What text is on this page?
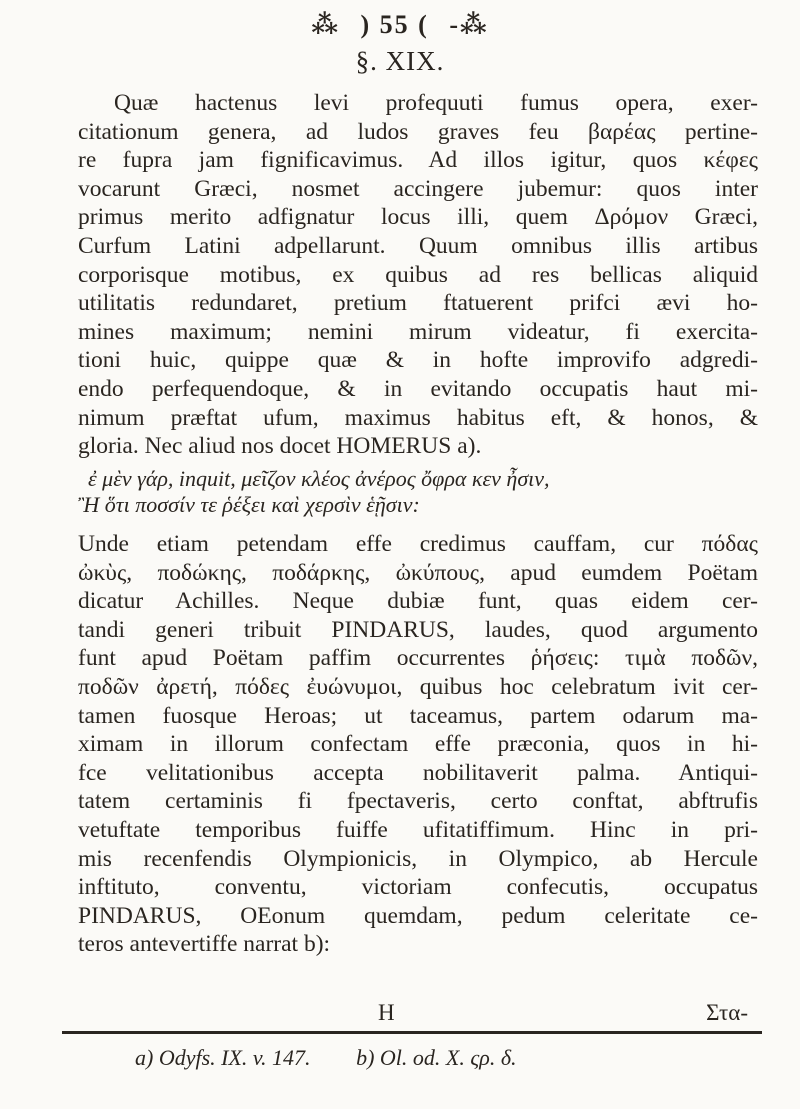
⁂ ) 55 ( -⁂
§. XIX.
Quæ hactenus levi profequuti fumus opera, exer-
citationum genera, ad ludos graves feu βαρέας pertine-
re fupra jam fignificavimus. Ad illos igitur, quos κέφες
vocarunt Græci, nosmet accingere jubemur: quos inter
primus merito adfignatur locus illi, quem Δρόμον Græci,
Curfum Latini adpellarunt. Quum omnibus illis artibus
corporisque motibus, ex quibus ad res bellicas aliquid
utilitatis redundaret, pretium ftatuerent prifci ævi ho-
mines maximum; nemini mirum videatur, fi exercita-
tioni huic, quippe quæ & in hofte improvifo adgredi-
endo perfequendoque, & in evitando occupatis haut mi-
nimum præftat ufum, maximus habitus eft, & honos, &
gloria. Nec aliud nos docet HOMERUS a).
ἐ μὲν γάρ, inquit, μεῖζον κλέος ἀνέρος ὄφρα κεν ἦσιν,
Ἢ ὅτι ποσσίν τε ῥέξει καὶ χερσὶν ἑῇσιν:
Unde etiam petendam effe credimus cauffam, cur πόδας
ὠκὺς, ποδώκης, ποδάρκης, ὠκύπους, apud eumdem Poëtam
dicatur Achilles. Neque dubiæ funt, quas eidem cer-
tandi generi tribuit PINDARUS, laudes, quod argumento
funt apud Poëtam paffim occurrentes ῥήσεις: τιμὰ ποδῶν,
ποδῶν ἀρετή, πόδες ἐυώνυμοι, quibus hoc celebratum ivit cer-
tamen fuosque Heroas; ut taceamus, partem odarum ma-
ximam in illorum confectam effe præconia, quos in hi-
fce velitationibus accepta nobilitaverit palma. Antiqui-
tatem certaminis fi fpectaveris, certo conftat, abftrufis
vetuftate temporibus fuiffe ufitatiffimum. Hinc in pri-
mis recenfendis Olympionicis, in Olympico, ab Hercule
inftituto, conventu, victoriam confecutis, occupatus
PINDARUS, OEonum quemdam, pedum celeritate ce-
teros antevertiffe narrat b):
H	Στα-
a) Odyfs. IX. v. 147. b) Ol. od. X. ςρ. δ.
